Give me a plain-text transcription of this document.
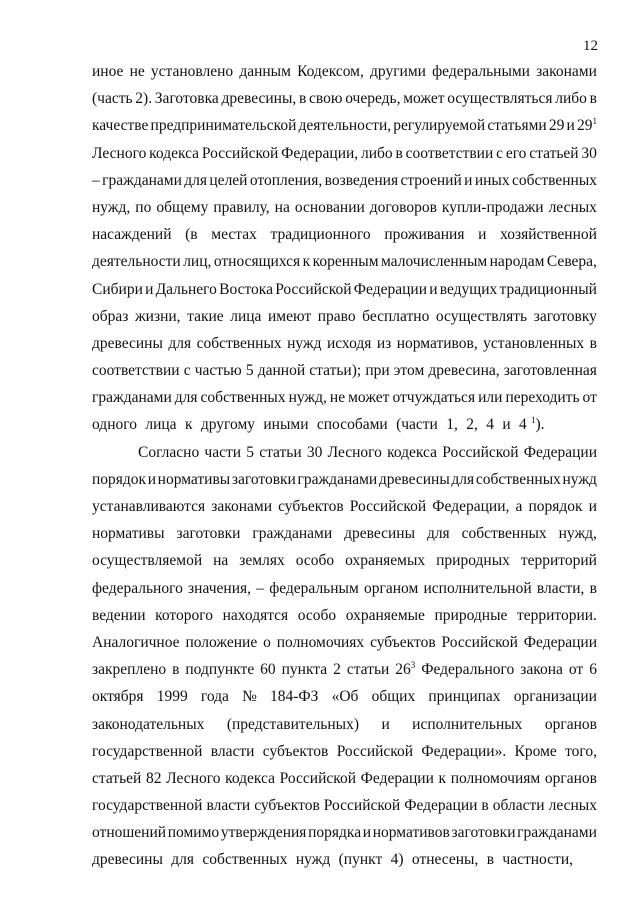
12
иное не установлено данным Кодексом, другими федеральными законами
(часть 2). Заготовка древесины, в свою очередь, может осуществляться либо в
качестве предпринимательской деятельности, регулируемой статьями 29 и $29^1$
Лесного кодекса Российской Федерации, либо в соответствии с его статьей 30
– гражданами для целей отопления, возведения строений и иных собственных
нужд, по общему правилу, на основании договоров купли-продажи лесных
насаждений (в местах традиционного проживания и хозяйственной
деятельности лиц, относящихся к коренным малочисленным народам Севера,
Сибири и Дальнего Востока Российской Федерации и ведущих традиционный
образ жизни, такие лица имеют право бесплатно осуществлять заготовку
древесины для собственных нужд исходя из нормативов, установленных в
соответствии с частью 5 данной статьи); при этом древесина, заготовленная
гражданами для собственных нужд, не может отчуждаться или переходить от
одного лица к другому иными способами (части 1, 2, 4 и 4 $^1$).
Согласно части 5 статьи 30 Лесного кодекса Российской Федерации
порядок и нормативы заготовки гражданами древесины для собственных нужд
устанавливаются законами субъектов Российской Федерации, а порядок и
нормативы заготовки гражданами древесины для собственных нужд,
осуществляемой на землях особо охраняемых природных территорий
федерального значения, – федеральным органом исполнительной власти, в
ведении которого находятся особо охраняемые природные территории.
Аналогичное положение о полномочиях субъектов Российской Федерации
закреплено в подпункте 60 пункта 2 статьи $26^3$ Федерального закона от 6
октября 1999 года № 184-ФЗ «Об общих принципах организации
законодательных (представительных) и исполнительных органов
государственной власти субъектов Российской Федерации». Кроме того,
статьей 82 Лесного кодекса Российской Федерации к полномочиям органов
государственной власти субъектов Российской Федерации в области лесных
отношений помимо утверждения порядка и нормативов заготовки гражданами
древесины для собственных нужд (пункт 4) отнесены, в частности,
